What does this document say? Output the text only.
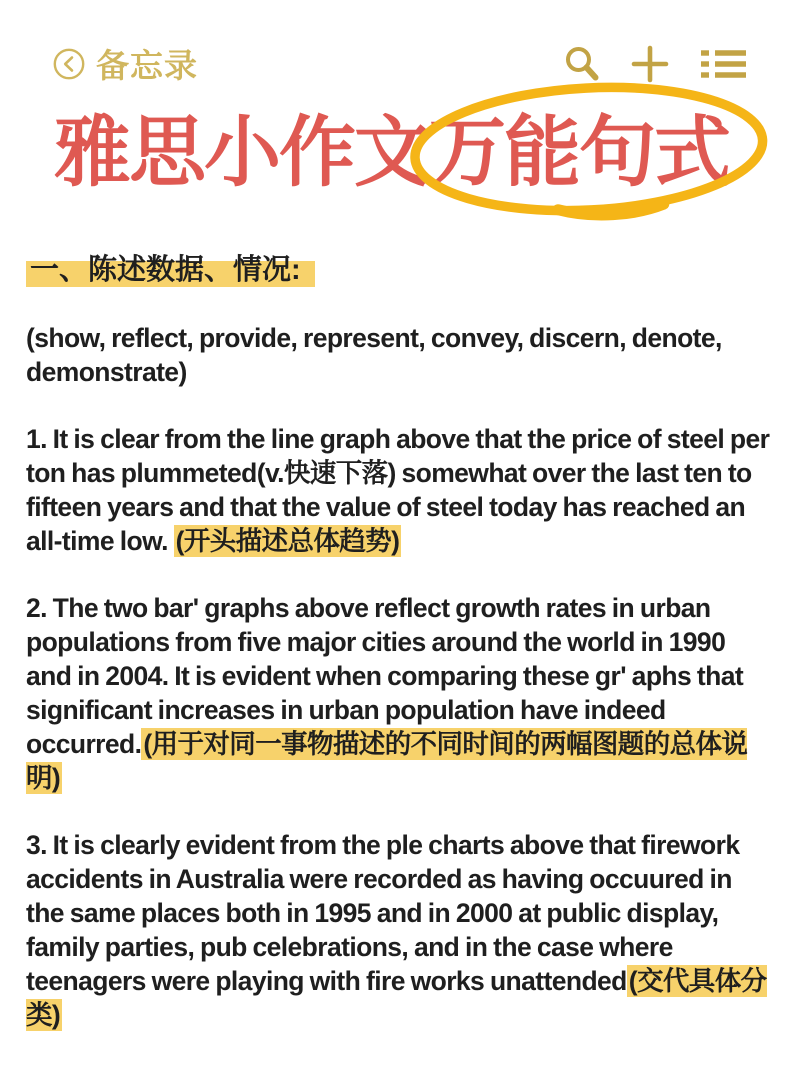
备忘录
雅思小作文
万能句式
一、陈述数据、情况:

(show, reflect, provide, represent, convey, discern, denote, demonstrate)

1. It is clear from the line graph above that the price of steel per ton has plummeted(v.快速下落) somewhat over the last ten to fifteen years and that the value of steel today has reached an all-time low. (开头描述总体趋势)

2. The two bar' graphs above reflect growth rates in urban populations from five major cities around the world in 1990 and in 2004. It is evident when comparing these gr' aphs that significant increases in urban population have indeed occurred.(用于对同一事物描述的不同时间的两幅图题的总体说明)

3. It is clearly evident from the ple charts above that firework accidents in Australia were recorded as having occuured in the same places both in 1995 and in 2000 at public display, family parties, pub celebrations, and in the case where teenagers were playing with fire works unattended(交代具体分类)
